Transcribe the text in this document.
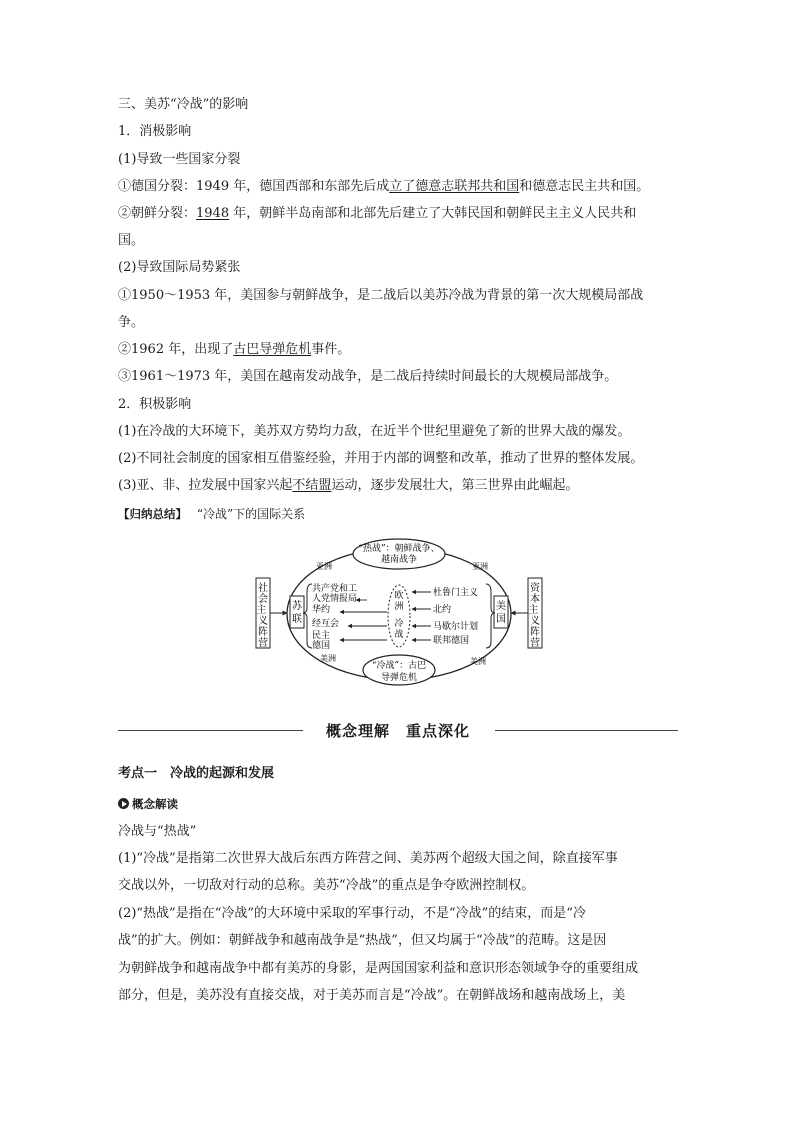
三、美苏“冷战”的影响
1．消极影响
(1)导致一些国家分裂
①德国分裂：1949 年，德国西部和东部先后成立了德意志联邦共和国和德意志民主共和国。
②朝鲜分裂：1948 年，朝鲜半岛南部和北部先后建立了大韩民国和朝鲜民主主义人民共和
国。
(2)导致国际局势紧张
①1950～1953 年，美国参与朝鲜战争，是二战后以美苏冷战为背景的第一次大规模局部战
争。
②1962 年，出现了古巴导弹危机事件。
③1961～1973 年，美国在越南发动战争，是二战后持续时间最长的大规模局部战争。
2．积极影响
(1)在冷战的大环境下，美苏双方势均力敌，在近半个世纪里避免了新的世界大战的爆发。
(2)不同社会制度的国家相互借鉴经验，并用于内部的调整和改革，推动了世界的整体发展。
(3)亚、非、拉发展中国家兴起不结盟运动，逐步发展壮大，第三世界由此崛起。
【归纳总结】 “冷战”下的国际关系
“热战”：朝鲜战争、
越南战争
“冷战”：古巴
导弹危机
亚洲	亚洲
美洲	美洲
社会主 义阵营
资本主 义阵营
苏联
美国
共产党和工
人党情报局
华约
经互会
民主
德国
欧洲
冷战
杜鲁门主义
北约
马歇尔计划
联邦德国
概念理解　重点深化
考点一　冷战的起源和发展
概念解读
冷战与“热战”
(1)“冷战”是指第二次世界大战后东西方阵营之间、美苏两个超级大国之间，除直接军事
交战以外，一切敌对行动的总称。美苏“冷战”的重点是争夺欧洲控制权。
(2)“热战”是指在“冷战”的大环境中采取的军事行动，不是“冷战”的结束，而是“冷
战”的扩大。例如：朝鲜战争和越南战争是“热战”，但又均属于“冷战”的范畴。这是因
为朝鲜战争和越南战争中都有美苏的身影，是两国国家利益和意识形态领域争夺的重要组成
部分，但是，美苏没有直接交战，对于美苏而言是“冷战”。在朝鲜战场和越南战场上，美
